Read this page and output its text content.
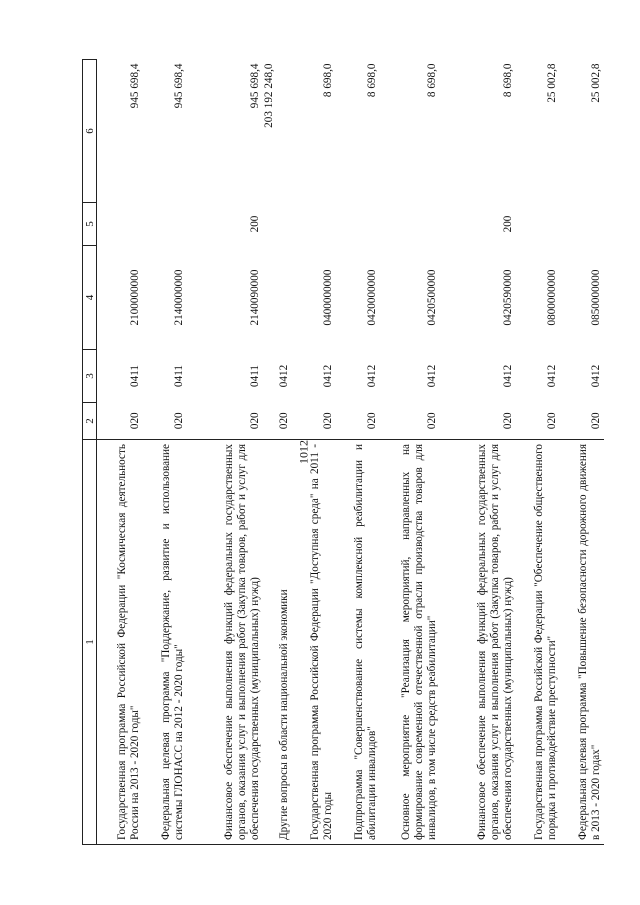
1012
1	2	3	4	5	6
Государственная программа Российской Федерации "Космическая деятельность России на 2013 - 2020 годы"	020	0411	2100000000		945 698,4
Федеральная целевая программа "Поддержание, развитие и использование системы ГЛОНАСС на 2012 - 2020 годы"	020	0411	2140000000		945 698,4
Финансовое обеспечение выполнения функций федеральных государственных органов, оказания услуг и выполнения работ (Закупка товаров, работ и услуг для обеспечения государственных (муниципальных) нужд)	020	0411	2140090000	200	945 698,4
Другие вопросы в области национальной экономики	020	0412			203 192 248,0
Государственная программа Российской Федерации "Доступная среда" на 2011 - 2020 годы	020	0412	0400000000		8 698,0
Подпрограмма "Совершенствование системы комплексной реабилитации и абилитации инвалидов"	020	0412	0420000000		8 698,0
Основное мероприятие "Реализация мероприятий, направленных на формирование современной отечественной отрасли производства товаров для инвалидов, в том числе средств реабилитации"	020	0412	0420500000		8 698,0
Финансовое обеспечение выполнения функций федеральных государственных органов, оказания услуг и выполнения работ (Закупка товаров, работ и услуг для обеспечения государственных (муниципальных) нужд)	020	0412	0420590000	200	8 698,0
Государственная программа Российской Федерации "Обеспечение общественного порядка и противодействие преступности"	020	0412	0800000000		25 002,8
Федеральная целевая программа "Повышение безопасности дорожного движения в 2013 - 2020 годах"	020	0412	0850000000		25 002,8
